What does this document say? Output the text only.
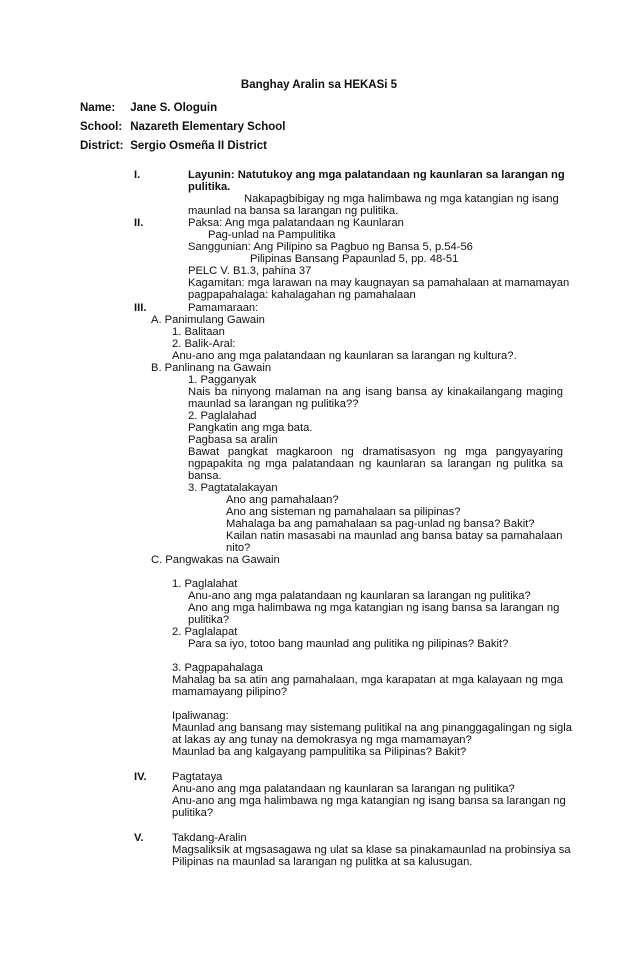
Banghay Aralin sa HEKASi 5
Name: Jane S. Ologuin
School: Nazareth Elementary School
District: Sergio Osmeña II District
I.	Layunin: Natutukoy ang mga palatandaan ng kaunlaran sa larangan ng
pulitika.
Nakapagbibigay ng mga halimbawa ng mga katangian ng isang
maunlad na bansa sa larangan ng pulitika.
II.	Paksa: Ang mga palatandaan ng Kaunlaran
Pag-unlad na Pampulitika
Sanggunian: Ang Pilipino sa Pagbuo ng Bansa 5, p.54-56
Pilipinas Bansang Papaunlad 5, pp. 48-51
PELC V. B1.3, pahina 37
Kagamitan: mga larawan na may kaugnayan sa pamahalaan at mamamayan
pagpapahalaga: kahalagahan ng pamahalaan
III.	Pamamaraan:
A. Panimulang Gawain
1. Balitaan
2. Balik-Aral:
Anu-ano ang mga palatandaan ng kaunlaran sa larangan ng kultura?.
B. Panlinang na Gawain
1. Pagganyak
Nais ba ninyong malaman na ang isang bansa ay kinakailangang maging
maunlad sa larangan ng pulitika??
2. Paglalahad
Pangkatin ang mga bata.
Pagbasa sa aralin
Bawat pangkat magkaroon ng dramatisasyon ng mga pangyayaring
ngpapakita ng mga palatandaan ng kaunlaran sa larangan ng pulitka sa
bansa.
3. Pagtatalakayan
Ano ang pamahalaan?
Ano ang sisteman ng pamahalaan sa pilipinas?
Mahalaga ba ang pamahalaan sa pag-unlad ng bansa? Bakit?
Kailan natin masasabi na maunlad ang bansa batay sa pamahalaan
nito?
C. Pangwakas na Gawain
1. Paglalahat
Anu-ano ang mga palatandaan ng kaunlaran sa larangan ng pulitika?
Ano ang mga halimbawa ng mga katangian ng isang bansa sa larangan ng
pulitika?
2. Paglalapat
Para sa iyo, totoo bang maunlad ang pulitika ng pilipinas? Bakit?
3. Pagpapahalaga
Mahalag ba sa atin ang pamahalaan, mga karapatan at mga kalayaan ng mga
mamamayang pilipino?
Ipaliwanag:
Maunlad ang bansang may sistemang pulitikal na ang pinanggagalingan ng sigla
at lakas ay ang tunay na demokrasya ng mga mamamayan?
Maunlad ba ang kalgayang pampulitika sa Pilipinas? Bakit?
IV. Pagtataya
Anu-ano ang mga palatandaan ng kaunlaran sa larangan ng pulitika?
Anu-ano ang mga halimbawa ng mga katangian ng isang bansa sa larangan ng
pulitika?
V.	Takdang-Aralin
Magsaliksik at mgsasagawa ng ulat sa klase sa pinakamaunlad na probinsiya sa
Pilipinas na maunlad sa larangan ng pulitka at sa kalusugan.
